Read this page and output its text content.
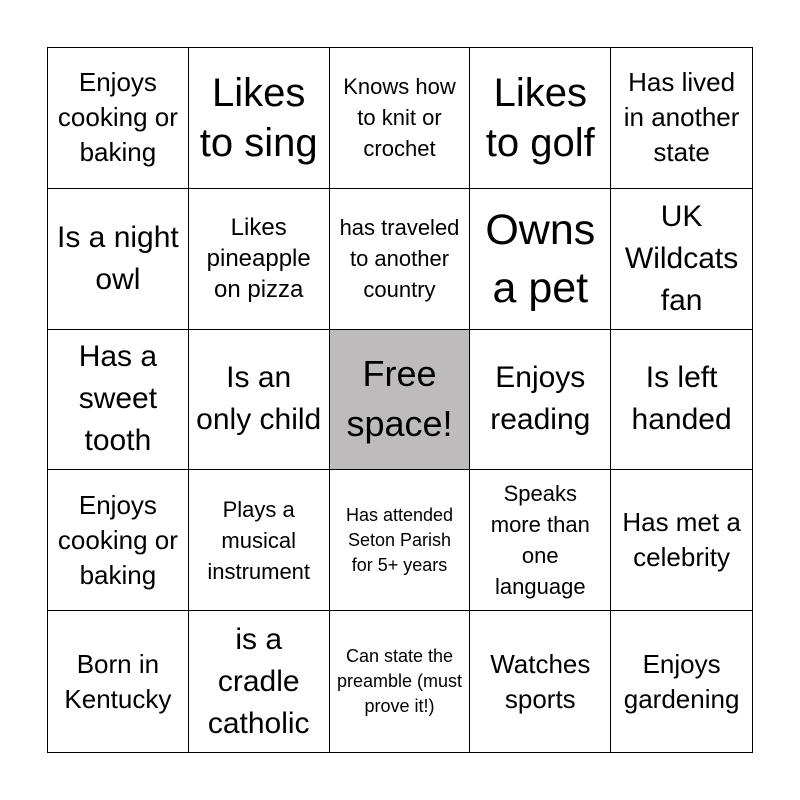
Enjoys cooking or baking
Likes to sing
Knows how to knit or crochet
Likes to golf
Has lived in another state
Is a night owl
Likes pineapple on pizza
has traveled to another country
Owns a pet
UK Wildcats fan
Has a sweet tooth
Is an only child
Free space!
Enjoys reading
Is left handed
Enjoys cooking or baking
Plays a musical instrument
Has attended Seton Parish for 5+ years
Speaks more than one language
Has met a celebrity
Born in Kentucky
is a cradle catholic
Can state the preamble (must prove it!)
Watches sports
Enjoys gardening
